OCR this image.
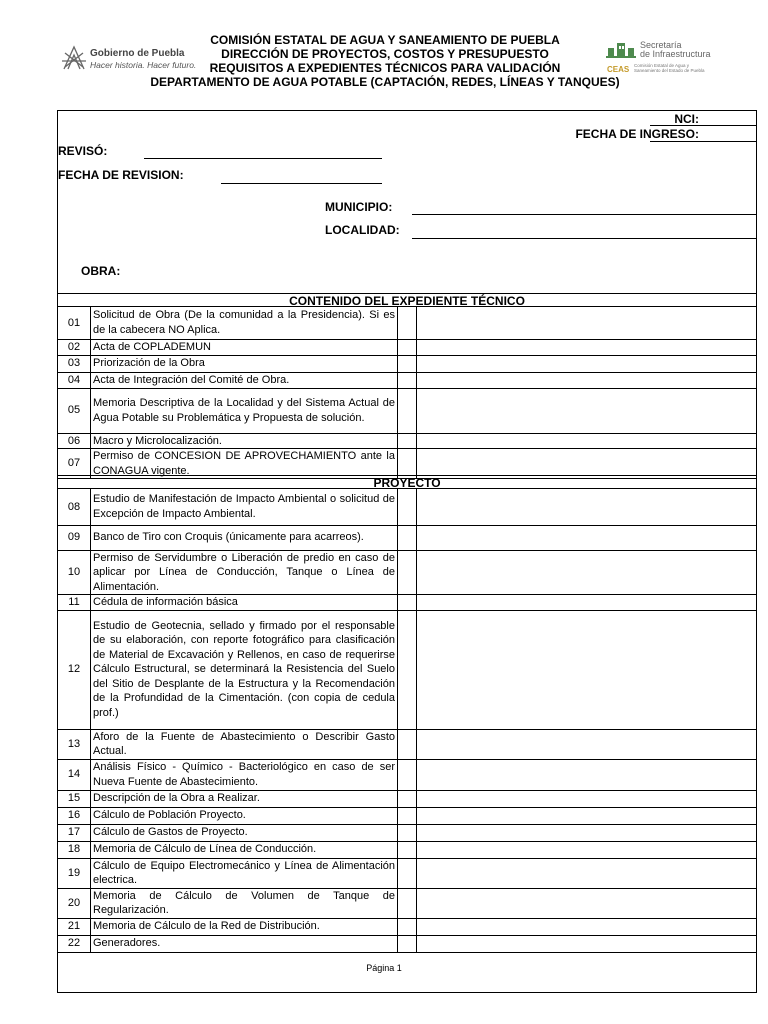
Gobierno de Puebla
Hacer historia. Hacer futuro.
COMISIÓN ESTATAL DE AGUA Y SANEAMIENTO DE PUEBLA
DIRECCIÓN DE PROYECTOS, COSTOS Y PRESUPUESTO
REQUISITOS A EXPEDIENTES TÉCNICOS PARA VALIDACIÓN
DEPARTAMENTO DE AGUA POTABLE (CAPTACIÓN, REDES, LÍNEAS Y TANQUES)
Secretaría
de Infraestructura
CEAS Comisión Estatal de Agua y
Saneamiento del Estado de Puebla
NCI:
FECHA DE INGRESO:
REVISÓ:
FECHA DE REVISION:
MUNICIPIO:
LOCALIDAD:
OBRA:
CONTENIDO DEL EXPEDIENTE TÉCNICO
01	Solicitud de Obra (De la comunidad a la Presidencia). Si es de la cabecera NO Aplica.		
02	Acta de COPLADEMUN		
03	Priorización de la Obra		
04	Acta de Integración del Comité de Obra.		
05	Memoria Descriptiva de la Localidad y del Sistema Actual de Agua Potable su Problemática y Propuesta de solución.		
06	Macro y Microlocalización.		
07	Permiso de CONCESION DE APROVECHAMIENTO ante la CONAGUA vigente.		
PROYECTO
08	Estudio de Manifestación de Impacto Ambiental o solicitud de Excepción de Impacto Ambiental.		
09	Banco de Tiro con Croquis (únicamente para acarreos).		
10	Permiso de Servidumbre o Liberación de predio en caso de aplicar por Línea de Conducción, Tanque o Línea de Alimentación.		
11	Cédula de información básica		
12	Estudio de Geotecnia, sellado y firmado por el responsable de su elaboración, con reporte fotográfico para clasificación de Material de Excavación y Rellenos, en caso de requerirse Cálculo Estructural, se determinará la Resistencia del Suelo del Sitio de Desplante de la Estructura y la Recomendación de la Profundidad de la Cimentación. (con copia de cedula prof.)		
13	Aforo de la Fuente de Abastecimiento o Describir Gasto Actual.		
14	Análisis Físico - Químico - Bacteriológico en caso de ser Nueva Fuente de Abastecimiento.		
15	Descripción de la Obra a Realizar.		
16	Cálculo de Población Proyecto.		
17	Cálculo de Gastos de Proyecto.		
18	Memoria de Cálculo de Línea de Conducción.		
19	Cálculo de Equipo Electromecánico y Línea de Alimentación electrica.		
20	Memoria de Cálculo de Volumen de Tanque de Regularización.		
21	Memoria de Cálculo de la Red de Distribución.		
22	Generadores.		
Página 1
